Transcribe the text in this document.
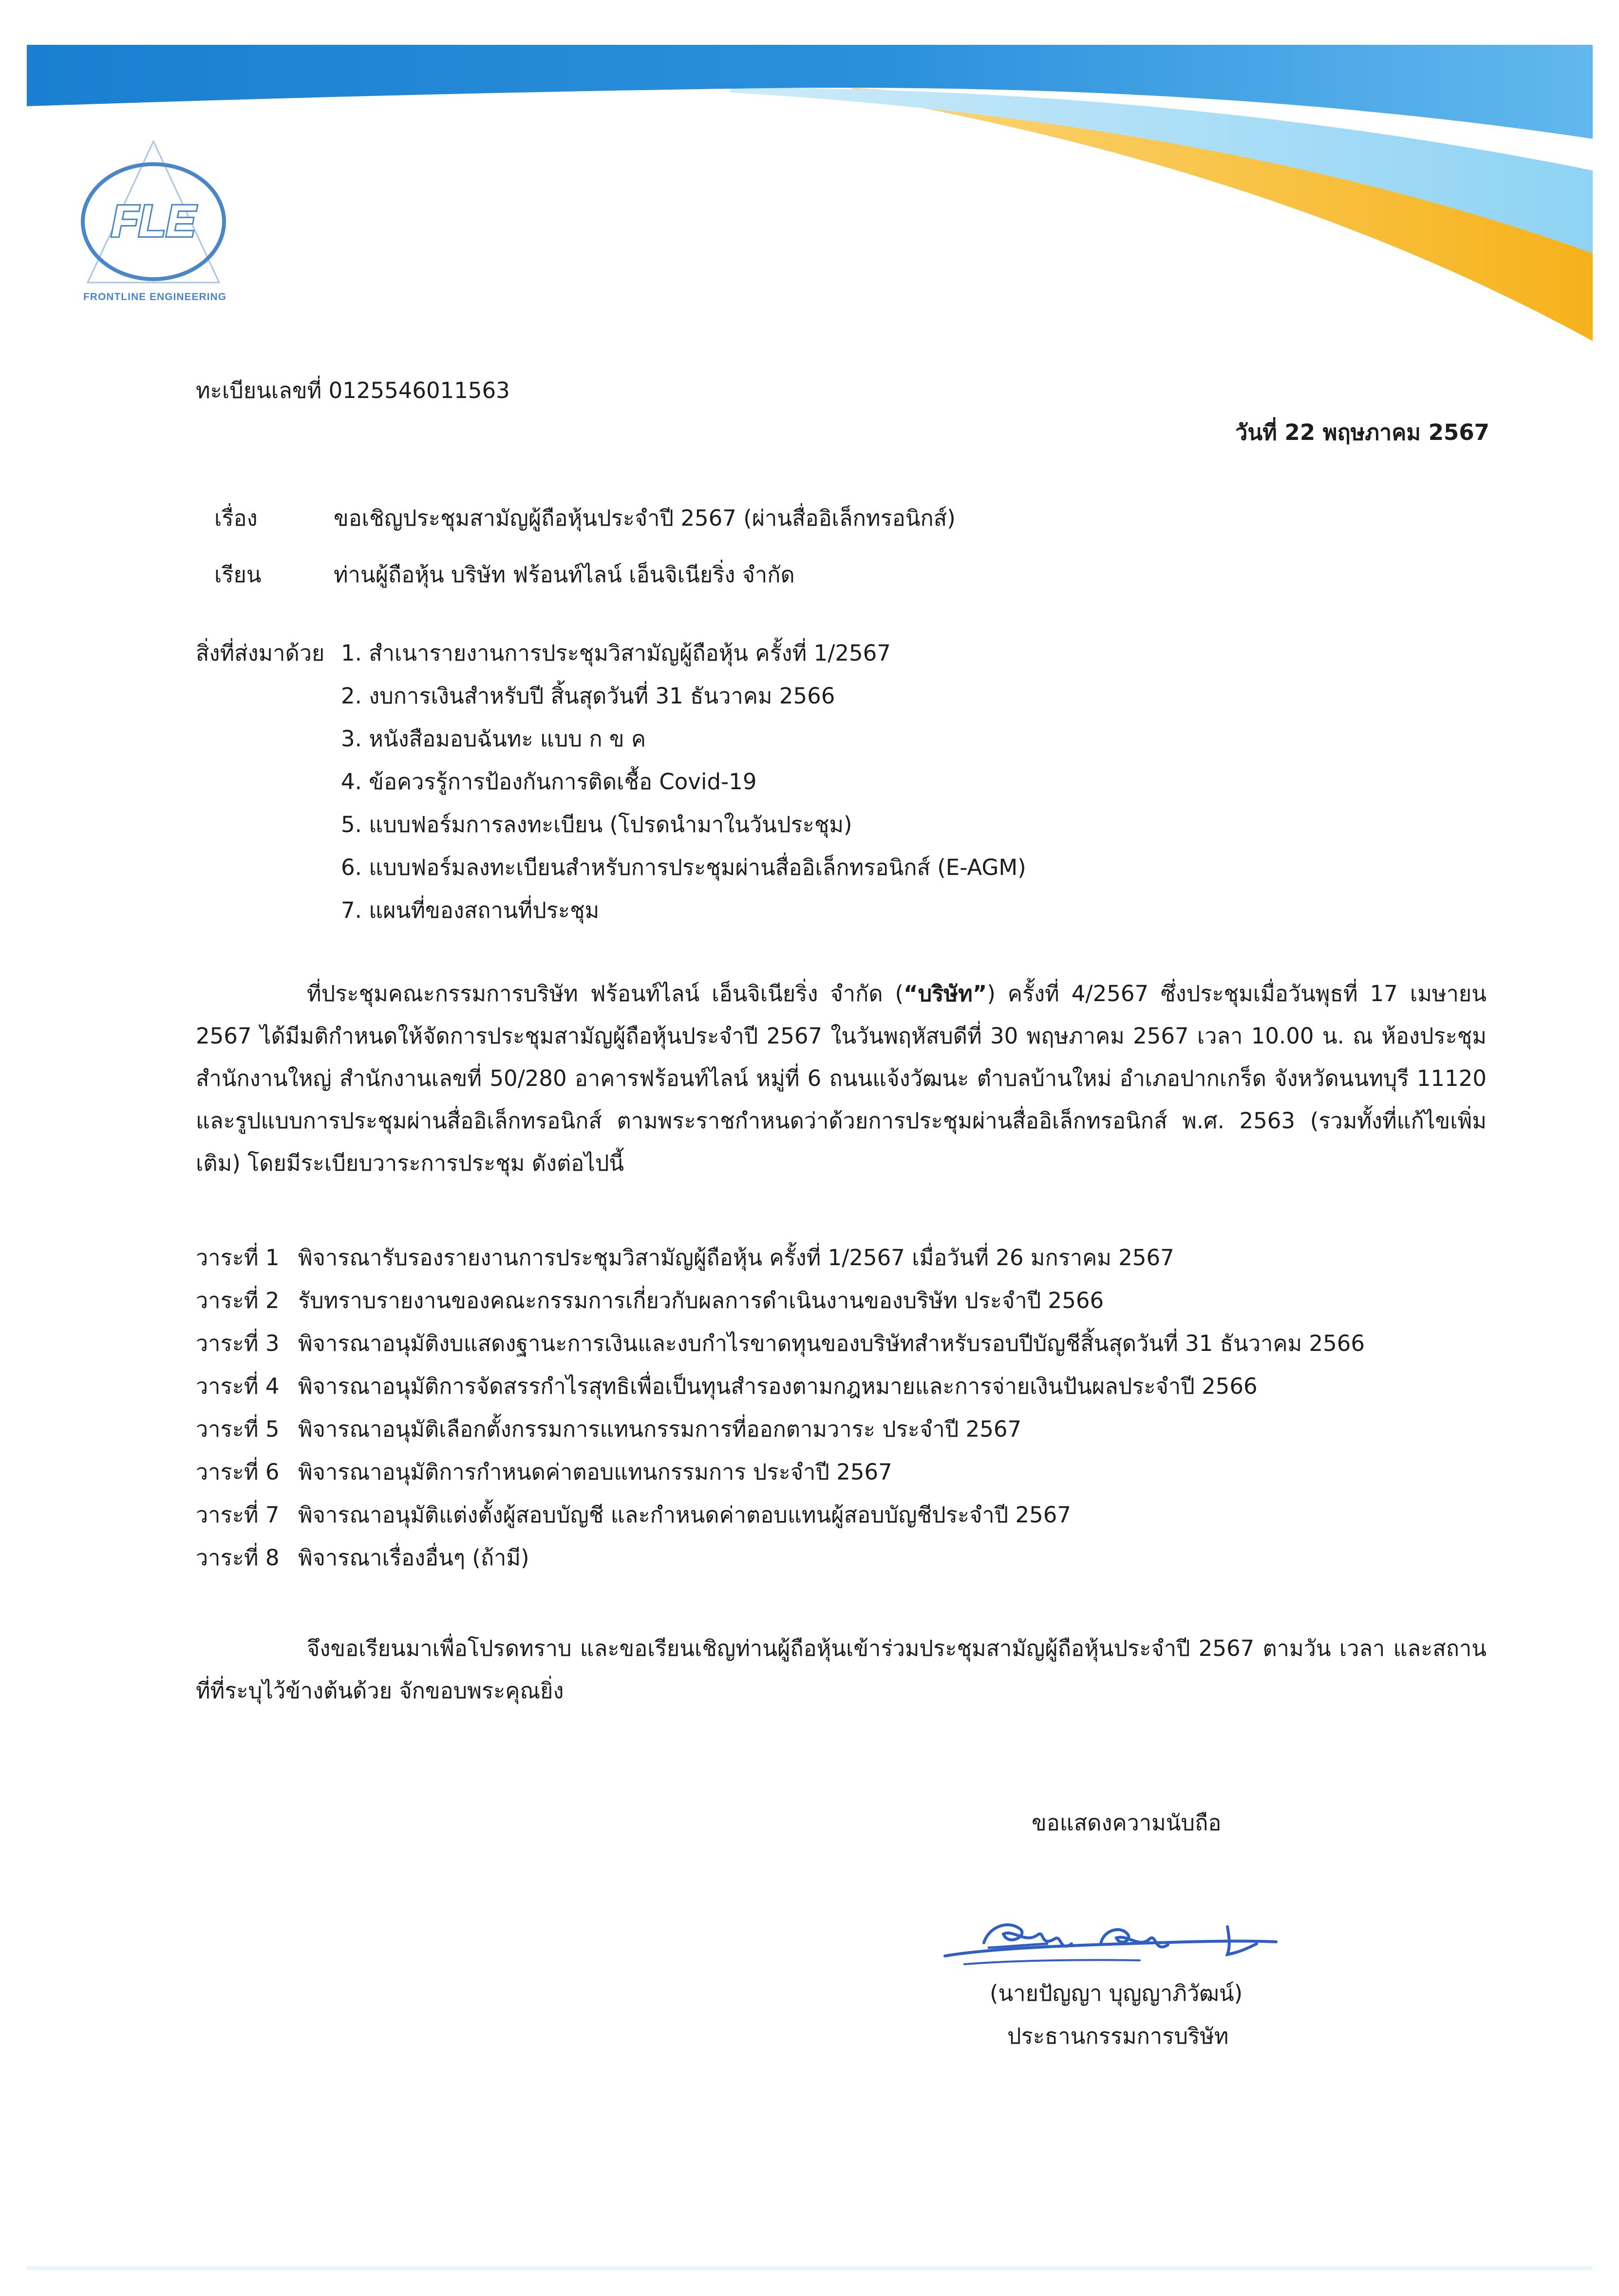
FLE
FRONTLINE ENGINEERING
ทะเบียนเลขที่ 0125546011563
วันที่ 22 พฤษภาคม 2567
เรื่อง	ขอเชิญประชุมสามัญผู้ถือหุ้นประจำปี 2567 (ผ่านสื่ออิเล็กทรอนิกส์)
เรียน	ท่านผู้ถือหุ้น บริษัท ฟร้อนท์ไลน์ เอ็นจิเนียริ่ง จำกัด
สิ่งที่ส่งมาด้วย 1. สำเนารายงานการประชุมวิสามัญผู้ถือหุ้น ครั้งที่ 1/2567
2. งบการเงินสำหรับปี สิ้นสุดวันที่ 31 ธันวาคม 2566
3. หนังสือมอบฉันทะ แบบ ก ข ค
4. ข้อควรรู้การป้องกันการติดเชื้อ Covid-19
5. แบบฟอร์มการลงทะเบียน (โปรดนำมาในวันประชุม)
6. แบบฟอร์มลงทะเบียนสำหรับการประชุมผ่านสื่ออิเล็กทรอนิกส์ (E-AGM)
7. แผนที่ของสถานที่ประชุม
ที่ประชุมคณะกรรมการบริษัท ฟร้อนท์ไลน์ เอ็นจิเนียริ่ง จำกัด (“บริษัท”) ครั้งที่ 4/2567 ซึ่งประชุมเมื่อวันพุธที่ 17 เมษายน 2567 ได้มีมติกำหนดให้จัดการประชุมสามัญผู้ถือหุ้นประจำปี 2567 ในวันพฤหัสบดีที่ 30 พฤษภาคม 2567 เวลา 10.00 น. ณ ห้องประชุมสำนักงานใหญ่ สำนักงานเลขที่ 50/280 อาคารฟร้อนท์ไลน์ หมู่ที่ 6 ถนนแจ้งวัฒนะ ตำบลบ้านใหม่ อำเภอปากเกร็ด จังหวัดนนทบุรี 11120 และรูปแบบการประชุมผ่านสื่ออิเล็กทรอนิกส์ ตามพระราชกำหนดว่าด้วยการประชุมผ่านสื่ออิเล็กทรอนิกส์ พ.ศ. 2563 (รวมทั้งที่แก้ไขเพิ่มเติม) โดยมีระเบียบวาระการประชุม ดังต่อไปนี้
วาระที่ 1 พิจารณารับรองรายงานการประชุมวิสามัญผู้ถือหุ้น ครั้งที่ 1/2567 เมื่อวันที่ 26 มกราคม 2567
วาระที่ 2 รับทราบรายงานของคณะกรรมการเกี่ยวกับผลการดำเนินงานของบริษัท ประจำปี 2566
วาระที่ 3 พิจารณาอนุมัติงบแสดงฐานะการเงินและงบกำไรขาดทุนของบริษัทสำหรับรอบปีบัญชีสิ้นสุดวันที่ 31 ธันวาคม 2566
วาระที่ 4 พิจารณาอนุมัติการจัดสรรกำไรสุทธิเพื่อเป็นทุนสำรองตามกฎหมายและการจ่ายเงินปันผลประจำปี 2566
วาระที่ 5 พิจารณาอนุมัติเลือกตั้งกรรมการแทนกรรมการที่ออกตามวาระ ประจำปี 2567
วาระที่ 6 พิจารณาอนุมัติการกำหนดค่าตอบแทนกรรมการ ประจำปี 2567
วาระที่ 7 พิจารณาอนุมัติแต่งตั้งผู้สอบบัญชี และกำหนดค่าตอบแทนผู้สอบบัญชีประจำปี 2567
วาระที่ 8 พิจารณาเรื่องอื่นๆ (ถ้ามี)
จึงขอเรียนมาเพื่อโปรดทราบ และขอเรียนเชิญท่านผู้ถือหุ้นเข้าร่วมประชุมสามัญผู้ถือหุ้นประจำปี 2567 ตามวัน เวลา และสถานที่ที่ระบุไว้ข้างต้นด้วย จักขอบพระคุณยิ่ง
ขอแสดงความนับถือ
(นายปัญญา บุญญาภิวัฒน์)
ประธานกรรมการบริษัท
